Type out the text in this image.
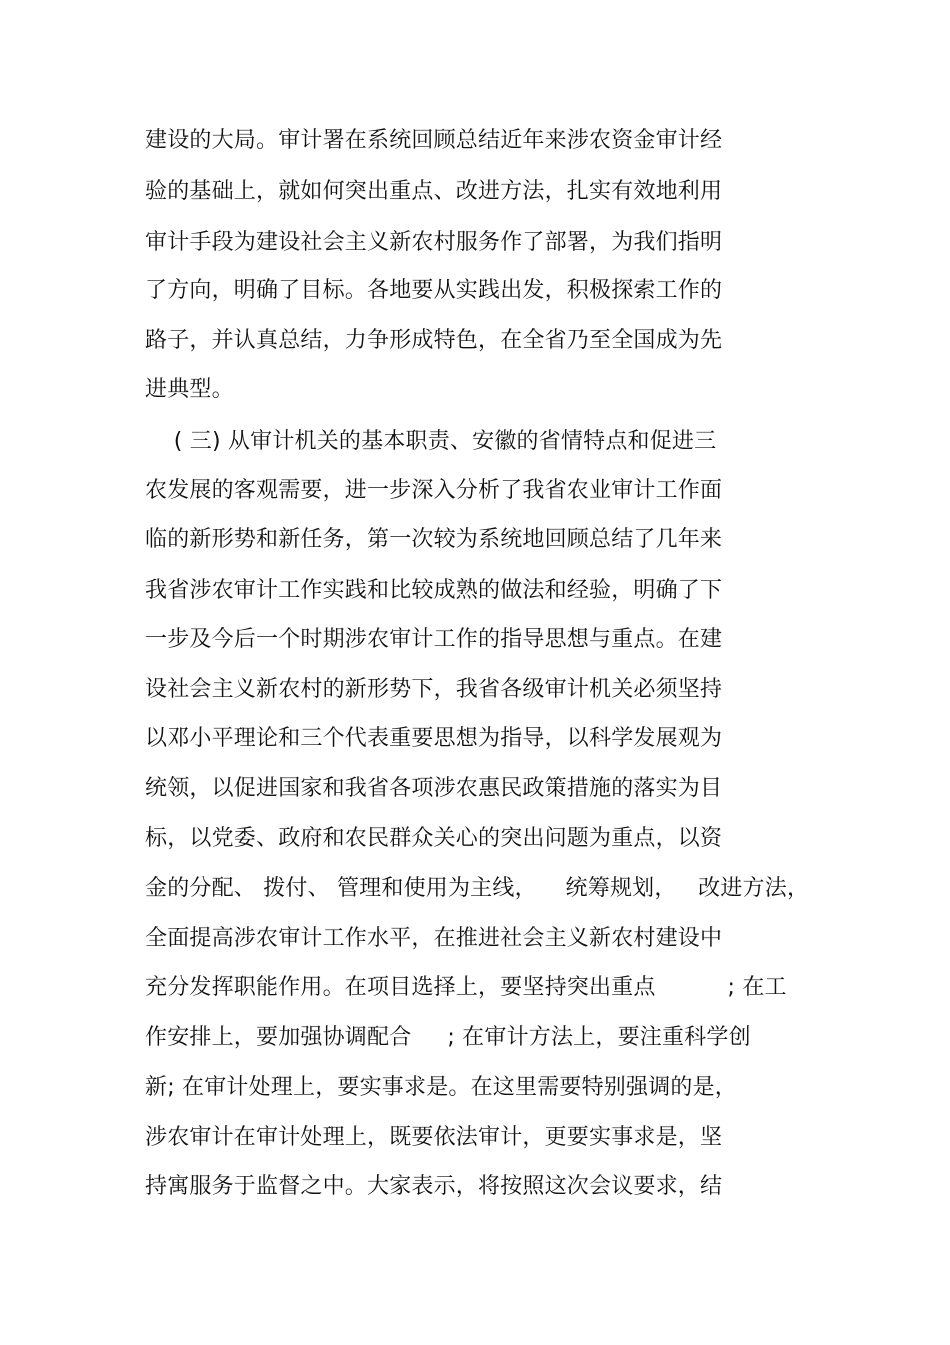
建设的大局。审计署在系统回顾总结近年来涉农资金审计经
验的基础上，就如何突出重点、改进方法，扎实有效地利用
审计手段为建设社会主义新农村服务作了部署，为我们指明
了方向，明确了目标。各地要从实践出发，积极探索工作的
路子，并认真总结，力争形成特色，在全省乃至全国成为先
进典型。
( 三) 从审计机关的基本职责、安徽的省情特点和促进三
农发展的客观需要，进一步深入分析了我省农业审计工作面
临的新形势和新任务，第一次较为系统地回顾总结了几年来
我省涉农审计工作实践和比较成熟的做法和经验，明确了下
一步及今后一个时期涉农审计工作的指导思想与重点。在建
设社会主义新农村的新形势下，我省各级审计机关必须坚持
以邓小平理论和三个代表重要思想为指导，以科学发展观为
统领，以促进国家和我省各项涉农惠民政策措施的落实为目
标，以党委、政府和农民群众关心的突出问题为重点，以资
金的分配、 拨付、 管理和使用为主线，    统筹规划，   改进方法，
全面提高涉农审计工作水平，在推进社会主义新农村建设中
充分发挥职能作用。在项目选择上，要坚持突出重点          ; 在工
作安排上，要加强协调配合     ; 在审计方法上，要注重科学创
新; 在审计处理上，要实事求是。在这里需要特别强调的是，
涉农审计在审计处理上，既要依法审计，更要实事求是，坚
持寓服务于监督之中。大家表示，将按照这次会议要求，结
